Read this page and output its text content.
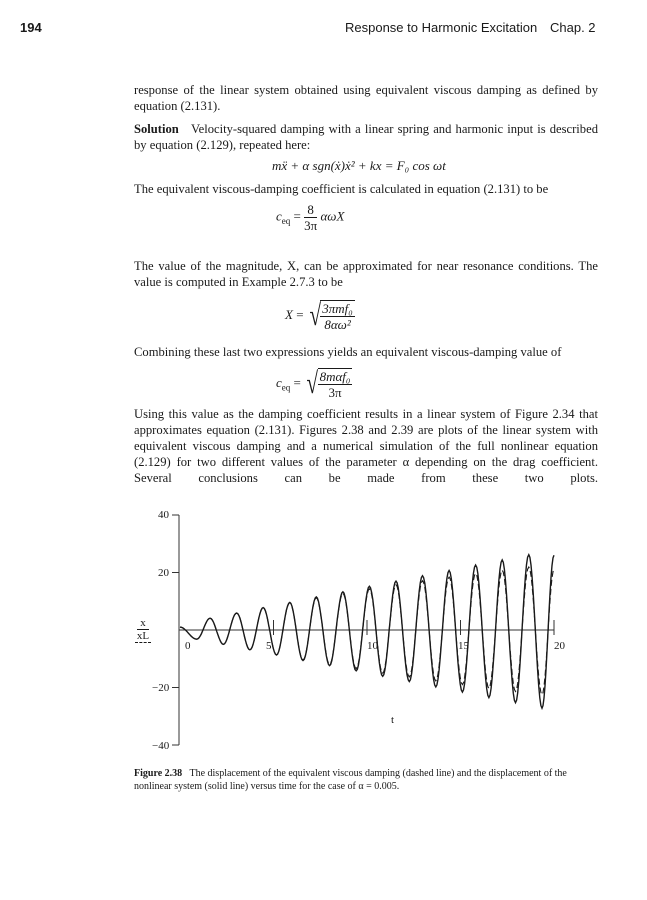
194	Response to Harmonic Excitation Chap. 2
response of the linear system obtained using equivalent viscous damping as defined by equation (2.131).
Solution Velocity-squared damping with a linear spring and harmonic input is described by equation (2.129), repeated here:
mẍ + α sgn(ẋ)ẋ² + kx = F₀ cos ωt
The equivalent viscous-damping coefficient is calculated in equation (2.131) to be
$c_{eq} = \frac{8}{3\pi}$ αωX
The value of the magnitude, X, can be approximated for near resonance conditions. The value is computed in Example 2.7.3 to be
X = √ $\frac{\text{3πmf₀}}{\text{8αω²}}$
Combining these last two expressions yields an equivalent viscous-damping value of
$c_{eq}$ = √ $\frac{\text{8mαf₀}}{3\pi}$
Using this value as the damping coefficient results in a linear system of Figure 2.34 that approximates equation (2.131). Figures 2.38 and 2.39 are plots of the linear system with equivalent viscous damping and a numerical simulation of the full nonlinear equation (2.129) for two different values of the parameter α depending on the drag coefficient. Several conclusions can be made from these two plots.
40
20
−20
−40
0	5	10	15	20
t
x
xL
Figure 2.38 The displacement of the equivalent viscous damping (dashed line) and the displacement of the nonlinear system (solid line) versus time for the case of α = 0.005.
